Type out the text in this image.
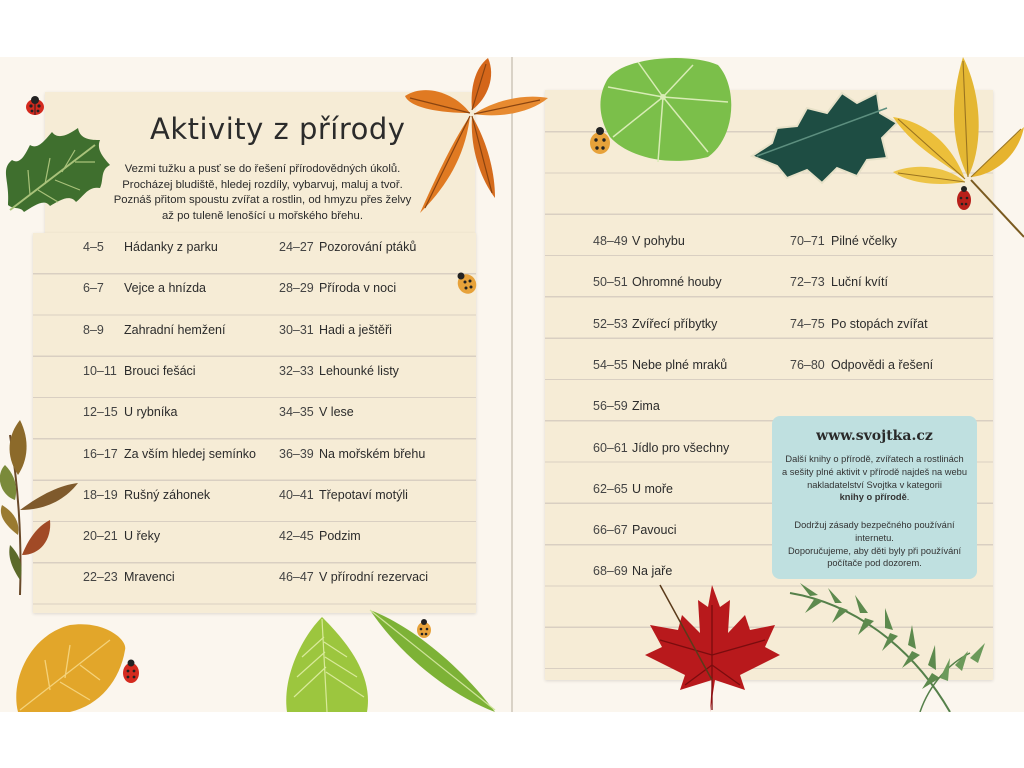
Aktivity z přírody
Vezmi tužku a pusť se do řešení přírodovědných úkolů.
Procházej bludiště, hledej rozdíly, vybarvuj, maluj a tvoř.
Poznáš přitom spoustu zvířat a rostlin, od hmyzu přes želvy
až po tuleně lenošící u mořského břehu.
4–5 Hádanky z parku
6–7 Vejce a hnízda
8–9 Zahradní hemžení
10–11 Brouci fešáci
12–15 U rybníka
16–17 Za vším hledej semínko
18–19 Rušný záhonek
20–21 U řeky
22–23 Mravenci
24–27 Pozorování ptáků
28–29 Příroda v noci
30–31 Hadi a ještěři
32–33 Lehounké listy
34–35 V lese
36–39 Na mořském břehu
40–41 Třepotaví motýli
42–45 Podzim
46–47 V přírodní rezervaci
48–49 V pohybu
50–51 Ohromné houby
52–53 Zvířecí příbytky
54–55 Nebe plné mraků
56–59 Zima
60–61 Jídlo pro všechny
62–65 U moře
66–67 Pavouci
68–69 Na jaře
70–71 Pilné včelky
72–73 Luční kvítí
74–75 Po stopách zvířat
76–80 Odpovědi a řešení
www.svojtka.cz
Další knihy o přírodě, zvířatech a rostlinách
a sešity plné aktivit v přírodě najdeš na webu
nakladatelství Svojtka v kategorii
knihy o přírodě.
Dodržuj zásady bezpečného používání internetu.
Doporučujeme, aby děti byly při používání
počítače pod dozorem.
